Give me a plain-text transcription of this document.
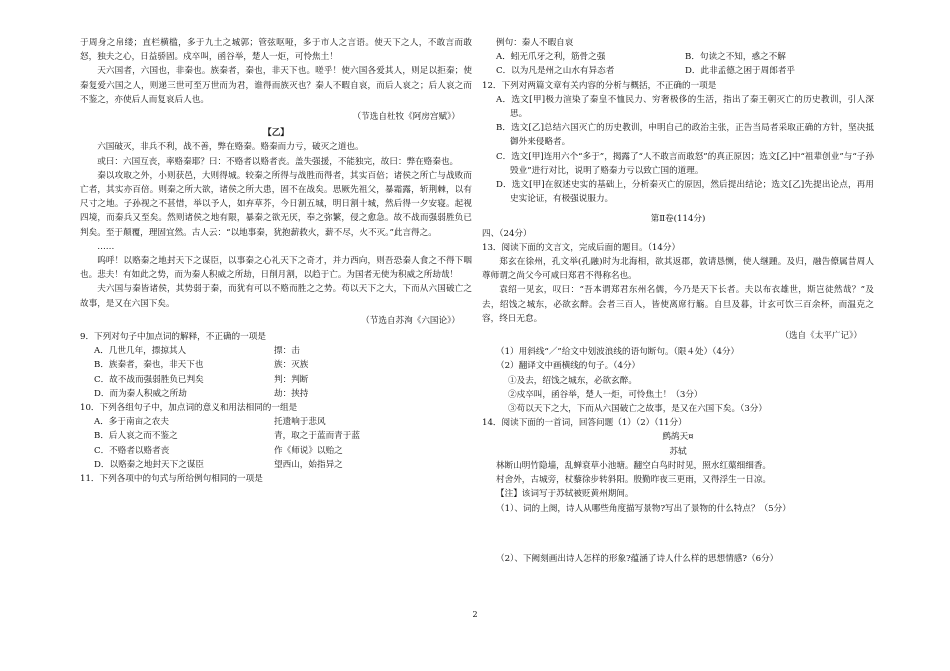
于周身之帛缕；直栏横槛，多于九土之城郭；管弦呕哑，多于市人之言语。使天下之人，不敢言而敢怒，独夫之心，日益骄固。戍卒叫，函谷举，楚人一炬，可怜焦土！

天六国者，六国也，非秦也。族秦者，秦也，非天下也。嗟乎！使六国各爱其人，则足以拒秦；使秦复爱六国之人，则递三世可至万世而为君，谁得而族灭也？秦人不暇自哀，而后人哀之；后人哀之而不鉴之，亦使后人而复哀后人也。

（节选自杜牧《阿房宫赋》）

【乙】

六国破灭，非兵不利，战不善，弊在赂秦。赂秦而力亏，破灭之道也。

或曰：六国互丧，率赂秦耶？曰：不赂者以赂者丧。盖失强援，不能独完，故曰：弊在赂秦也。

秦以攻取之外，小则获邑，大则得城。较秦之所得与战胜而得者，其实百倍；诸侯之所亡与战败而亡者，其实亦百倍。则秦之所大欲，诸侯之所大患，固不在战矣。思厥先祖父，暴霜露，斩荆棘，以有尺寸之地。子孙视之不甚惜，举以予人，如弃草芥，今日割五城，明日割十城，然后得一夕安寝。起视四境，而秦兵又至矣。然则诸侯之地有限，暴秦之欲无厌，奉之弥繁，侵之愈急。故不战而强弱胜负已判矣。至于颠覆，理固宜然。古人云：“以地事秦，犹抱薪救火，薪不尽，火不灭。”此言得之。

……

呜呼！以赂秦之地封天下之谋臣，以事秦之心礼天下之奇才，并力西向，则吾恐秦人食之不得下咽也。悲夫！有如此之势，而为秦人积威之所劫，日削月割，以趋于亡。为国者无使为积威之所劫哉！

夫六国与秦皆诸侯，其势弱于秦，而犹有可以不赂而胜之之势。苟以天下之大，下而从六国破亡之故事，是又在六国下矣。

（节选自苏洵《六国论》）

9．下列对句子中加点词的解释，不正确的一项是

A．几世几年，摽掠其人	摽：击
B．族秦者，秦也，非天下也	族：灭族
C．故不战而强弱胜负已判矣	判：判断
D．而为秦人积威之所劫	劫：挟持

10．下列各组句子中，加点词的意义和用法相同的一组是

A．多于南亩之农夫	托遗响于悲风
B．后人哀之而不鉴之	青，取之于蓝而青于蓝
C．不赂者以赂者丧	作《师说》以贻之
D．以赂秦之地封天下之谋臣	望西山，始指异之

11．下列各项中的句式与所给例句相同的一项是

例句：秦人不暇自哀

A．蚓无爪牙之利，筋骨之强	B．句读之不知，惑之不解
C．以为凡是州之山水有异态者	D．此非孟德之困于周郎者乎

12．下列对两篇文章有关内容的分析与概括，不正确的一项是

A．选文[甲]极力渲染了秦皇不恤民力、穷奢极侈的生活，指出了秦王朝灭亡的历史教训，引人深思。

B．选文[乙]总结六国灭亡的历史教训，申明自己的政治主张，正告当局者采取正确的方针，坚决抵御外来侵略者。

C．选文[甲]连用六个“多于”，揭露了“人不敢言而敢怒”的真正原因；选文[乙]中“祖辈创业”与“子孙毁业”进行对比，说明了赂秦力亏以致亡国的道理。

D．选文[甲]在叙述史实的基础上，分析秦灭亡的原因，然后提出结论；选文[乙]先提出论点，再用史实论证，有极强说服力。

第Ⅱ卷(114分)

四、（24分）

13．阅读下面的文言文，完成后面的题目。（14分）

郑玄在徐州，孔文举(孔融)时为北海相，欲其返郡，敦请恳恻，使人继踵。及归，融告僚属昔周人尊师谓之尚父今可咸曰郑君不得称名也。

袁绍一见玄，叹曰：“吾本谓郑君东州名儒，今乃是天下长者。夫以布衣雄世，斯岂徒然哉？”及去，绍饯之城东，必欲玄醉。会者三百人，皆使离席行觞。自旦及暮，计玄可饮三百余杯，而温克之容，终日无怠。

（选自《太平广记》）

（1）用斜线“／”给文中划波浪线的语句断句。（限４处）（4分）

（2）翻译文中画横线的句子。（4分）

①及去，绍饯之城东，必欲玄醉。

②戍卒叫，函谷举，楚人一炬，可怜焦土！（3分）

③苟以天下之大，下而从六国破亡之故事，是又在六国下矣。（3分）

14．阅读下面的一首词，回答问题（1）（2）（11分）

鹧鸪天¤

苏轼

林断山明竹隐墙，乱蝉衰草小池塘。翻空白鸟时时见，照水红蕖细细香。

村舍外，古城旁，杖藜徐步转斜阳。殷勤昨夜三更雨，又得浮生一日凉。

【注】该词写于苏轼被贬黄州期间。

（1）、词的上阕，诗人从哪些角度描写景物?写出了景物的什么特点？（5分）

（2）、下阙刻画出诗人怎样的形象?蕴涵了诗人什么样的思想情感?（6分）

2
